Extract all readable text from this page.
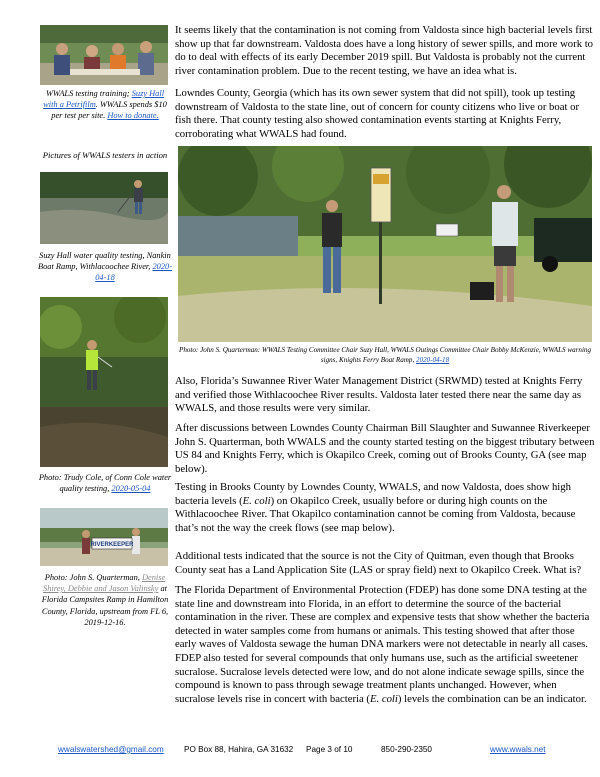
WWALS testing training; Suzy Hall with a Petrifilm. WWALS spends $10 per test per site. How to donate.
Pictures of WWALS testers in action
Suzy Hall water quality testing, Nankin Boat Ramp, Withlacoochee River, 2020-04-18
Photo: Trudy Cole, of Conn Cole water quality testing, 2020-05-04
RIVERKEEPER
Photo: John S. Quarterman, Denise Shirey, Debbie and Jason Valinsky at Florida Campsites Ramp in Hamilton County, Florida, upstream from FL 6, 2019-12-16.

It seems likely that the contamination is not coming from Valdosta since high bacterial levels first show up that far downstream. Valdosta does have a long history of sewer spills, and more work to do to deal with effects of its early December 2019 spill. But Valdosta is probably not the current river contamination problem. Due to the recent testing, we have an idea what is.

Lowndes County, Georgia (which has its own sewer system that did not spill), took up testing downstream of Valdosta to the state line, out of concern for county citizens who live or boat or fish there. That county testing also showed contamination events starting at Knights Ferry, corroborating what WWALS had found.

Photo: John S. Quarterman: WWALS Testing Committee Chair Suzy Hall, WWALS Outings Committee Chair Bobby McKenzie, WWALS warning signs, Knights Ferry Boat Ramp, 2020-04-18

Also, Florida’s Suwannee River Water Management District (SRWMD) tested at Knights Ferry and verified those Withlacoochee River results. Valdosta later tested there near the same day as WWALS, and those results were very similar.

After discussions between Lowndes County Chairman Bill Slaughter and Suwannee Riverkeeper John S. Quarterman, both WWALS and the county started testing on the biggest tributary between US 84 and Knights Ferry, which is Okapilco Creek, coming out of Brooks County, GA (see map below).

Testing in Brooks County by Lowndes County, WWALS, and now Valdosta, does show high bacteria levels (E. coli) on Okapilco Creek, usually before or during high counts on the Withlacoochee River. That Okapilco contamination cannot be coming from Valdosta, because that’s not the way the creek flows (see map below).

Additional tests indicated that the source is not the City of Quitman, even though that Brooks County seat has a Land Application Site (LAS or spray field) next to Okapilco Creek. What is?

The Florida Department of Environmental Protection (FDEP) has done some DNA testing at the state line and downstream into Florida, in an effort to determine the source of the bacterial contamination in the river. These are complex and expensive tests that show whether the bacteria detected in water samples come from humans or animals. This testing showed that after those early waves of Valdosta sewage the human DNA markers were not detectable in nearly all cases. FDEP also tested for several compounds that only humans use, such as the artificial sweetener sucralose. Sucralose levels detected were low, and do not alone indicate sewage spills, since the compound is known to pass through sewage treatment plants unchanged. However, when sucralose levels rise in concert with bacteria (E. coli) levels the combination can be an indicator.

wwalswatershed@gmail.com PO Box 88, Hahira, GA 31632 Page 3 of 10	850-290-2350	www.wwals.net
